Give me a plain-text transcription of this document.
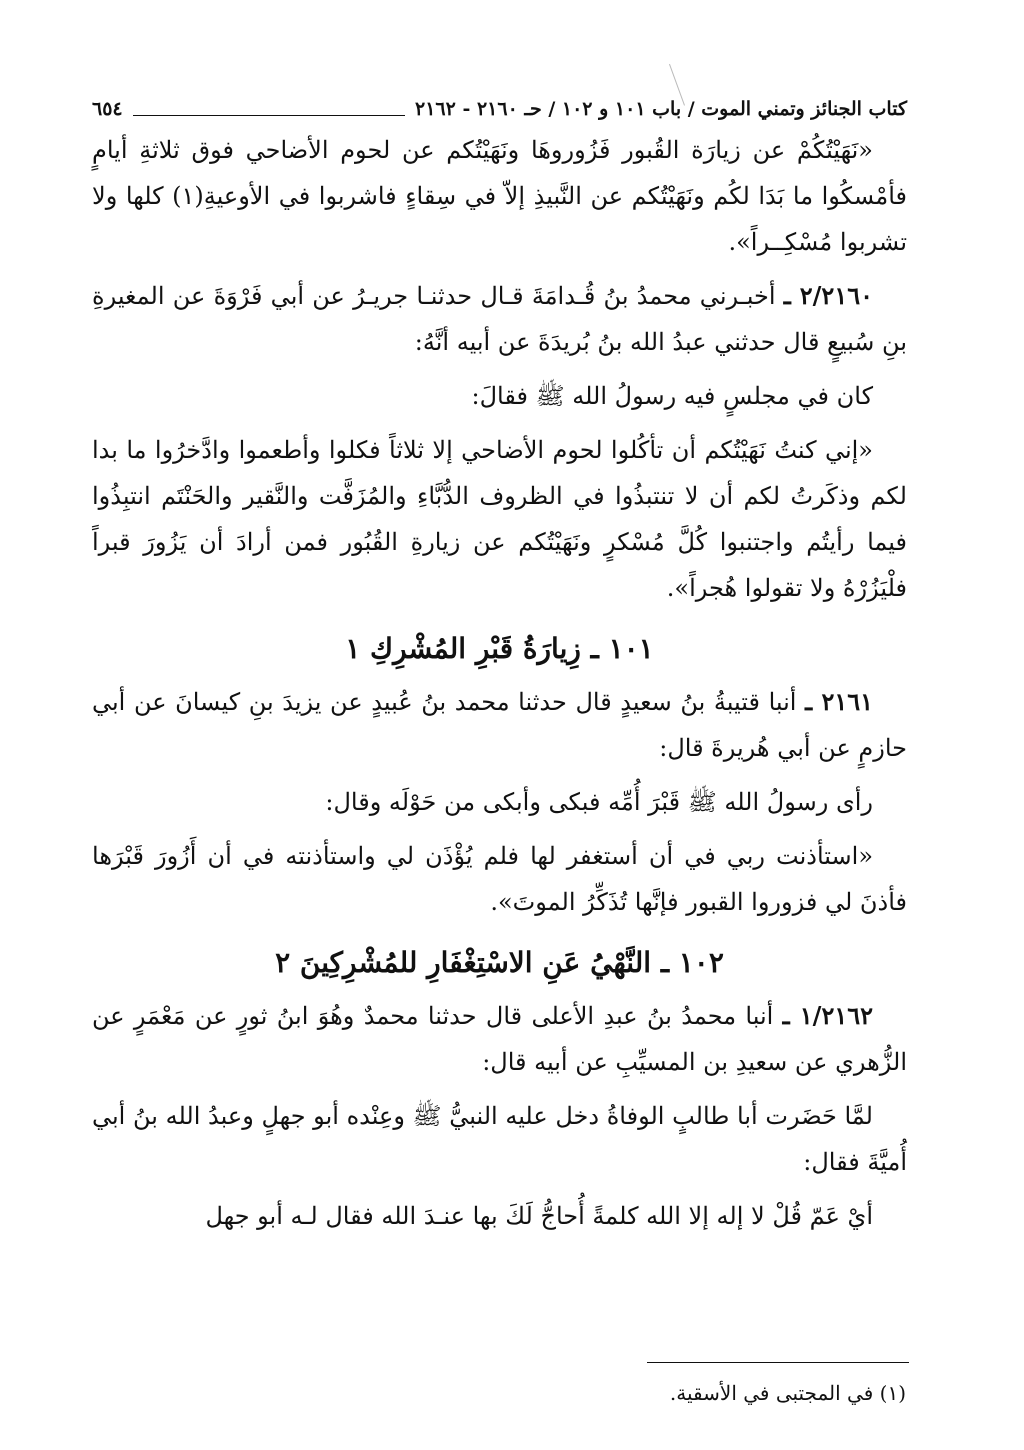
كتاب الجنائز وتمني الموت / باب ١٠١ و ١٠٢ / حـ ٢١٦٠ - ٢١٦٢
٦٥٤

«نَهَيْتُكُمْ عن زيارَة القُبور فَزُوروهَا ونَهَيْتُكم عن لحوم الأضاحي فوق ثلاثةِ أيامٍ فأمْسكُوا ما بَدَا لكُم ونَهَيْتُكم عن النَّبيذِ إلاّ في سِقاءٍ فاشربوا في الأوعيةِ(١) كلها ولا تشربوا مُسْكِــراً».

٢/٢١٦٠ ـ أخبـرني محمدُ بنُ قُـدامَةَ قـال حدثنـا جريـرُ عن أبي فَرْوَةَ عن المغيرةِ بنِ سُبيعٍ قال حدثني عبدُ الله بنُ بُريدَةَ عن أبيه أنَّهُ:

كان في مجلسٍ فيه رسولُ الله ﷺ فقالَ:

«إني كنتُ نَهَيْتُكم أن تأكُلوا لحوم الأضاحي إلا ثلاثاً فكلوا وأطعموا وادَّخرُوا ما بدا لكم وذكَرتُ لكم أن لا تنتبذُوا في الظروف الدُّبَّاءِ والمُزَفَّت والنَّقير والحَنْتَم انتبِذُوا فيما رأيتُم واجتنبوا كُلَّ مُسْكرٍ ونَهَيْتُكم عن زيارةِ القُبُور فمن أرادَ أن يَزُورَ قبراً فلْيَزُرْهُ ولا تقولوا هُجراً».

١٠١ ـ زِيارَةُ قَبْرِ المُشْرِكِ ١

٢١٦١ ـ أنبا قتيبةُ بنُ سعيدٍ قال حدثنا محمد بنُ عُبيدٍ عن يزيدَ بنِ كيسانَ عن أبي حازمٍ عن أبي هُريرةَ قال:

رأى رسولُ الله ﷺ قَبْرَ أُمِّه فبكى وأبكى من حَوْلَه وقال:

«استأذنت ربي في أن أستغفر لها فلم يُؤْذَن لي واستأذنته في أن أَزُورَ قَبْرَها فأذنَ لي فزوروا القبور فإنَّها تُذَكِّرُ الموتَ».

١٠٢ ـ النَّهْيُ عَنِ الاسْتِغْفَارِ للمُشْرِكِينَ ٢

١/٢١٦٢ ـ أنبا محمدُ بنُ عبدِ الأعلى قال حدثنا محمدٌ وهُوَ ابنُ ثورٍ عن مَعْمَرٍ عن الزُّهري عن سعيدِ بن المسيِّبِ عن أبيه قال:

لمَّا حَضَرت أبا طالبٍ الوفاةُ دخل عليه النبيُّ ﷺ وعِنْده أبو جهلٍ وعبدُ الله بنُ أبي أُميَّةَ فقال:

أيْ عَمّ قُلْ لا إله إلا الله كلمةً أُحاجُّ لَكَ بها عنـدَ الله فقال لـه أبو جهل

(١) في المجتبى في الأسقية.
